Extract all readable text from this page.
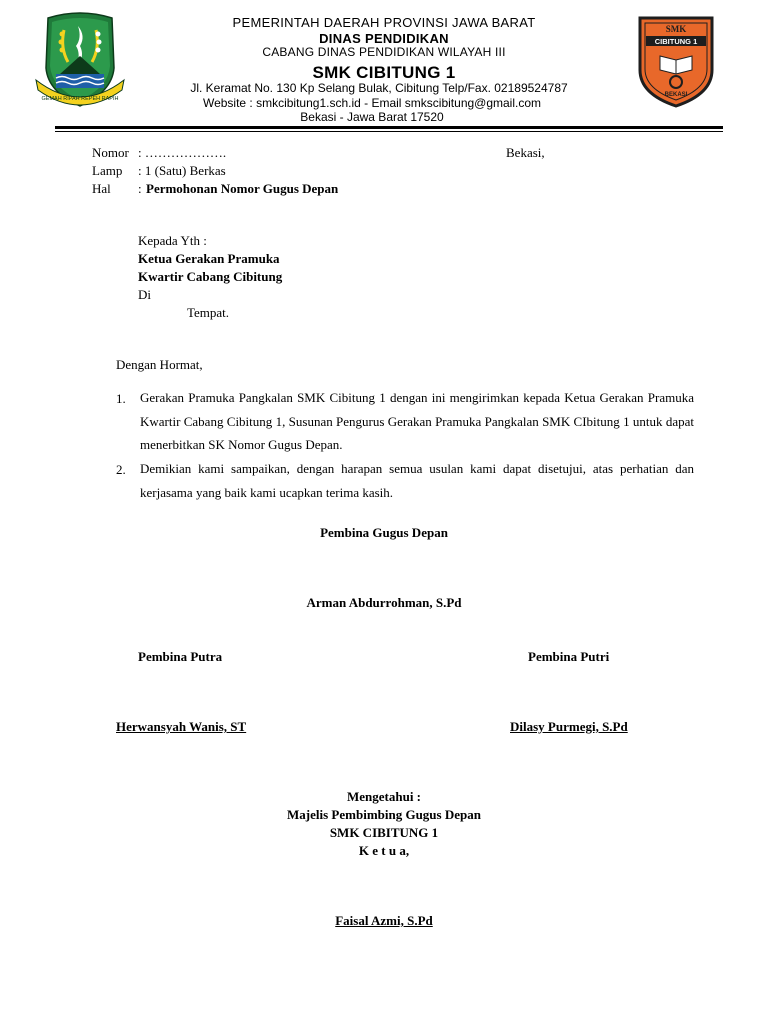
GEMAH RIPAH REPEH RAPIH
SMK
CIBITUNG 1
BEKASI
PEMERINTAH DAERAH PROVINSI JAWA BARAT
DINAS PENDIDIKAN
CABANG DINAS PENDIDIKAN WILAYAH III
SMK CIBITUNG 1
Jl. Keramat No. 130 Kp Selang Bulak, Cibitung Telp/Fax. 02189524787
Website : smkcibitung1.sch.id - Email smkscibitung@gmail.com
Bekasi - Jawa Barat 17520
Nomor : ……………….	Bekasi,
Lamp : 1 (Satu) Berkas
Hal : Permohonan Nomor Gugus Depan
Kepada Yth :
Ketua Gerakan Pramuka
Kwartir Cabang Cibitung
Di
Tempat.
Dengan Hormat,
1. Gerakan Pramuka Pangkalan SMK Cibitung 1 dengan ini mengirimkan kepada Ketua Gerakan Pramuka Kwartir Cabang Cibitung 1, Susunan Pengurus Gerakan Pramuka Pangkalan SMK CIbitung 1 untuk dapat menerbitkan SK Nomor Gugus Depan.
2. Demikian kami sampaikan, dengan harapan semua usulan kami dapat disetujui, atas perhatian dan kerjasama yang baik kami ucapkan terima kasih.
Pembina Gugus Depan
Arman Abdurrohman, S.Pd
Pembina Putra	Pembina Putri
Herwansyah Wanis, ST	Dilasy Purmegi, S.Pd
Mengetahui :
Majelis Pembimbing Gugus Depan
SMK CIBITUNG 1
K e t u a,
Faisal Azmi, S.Pd
